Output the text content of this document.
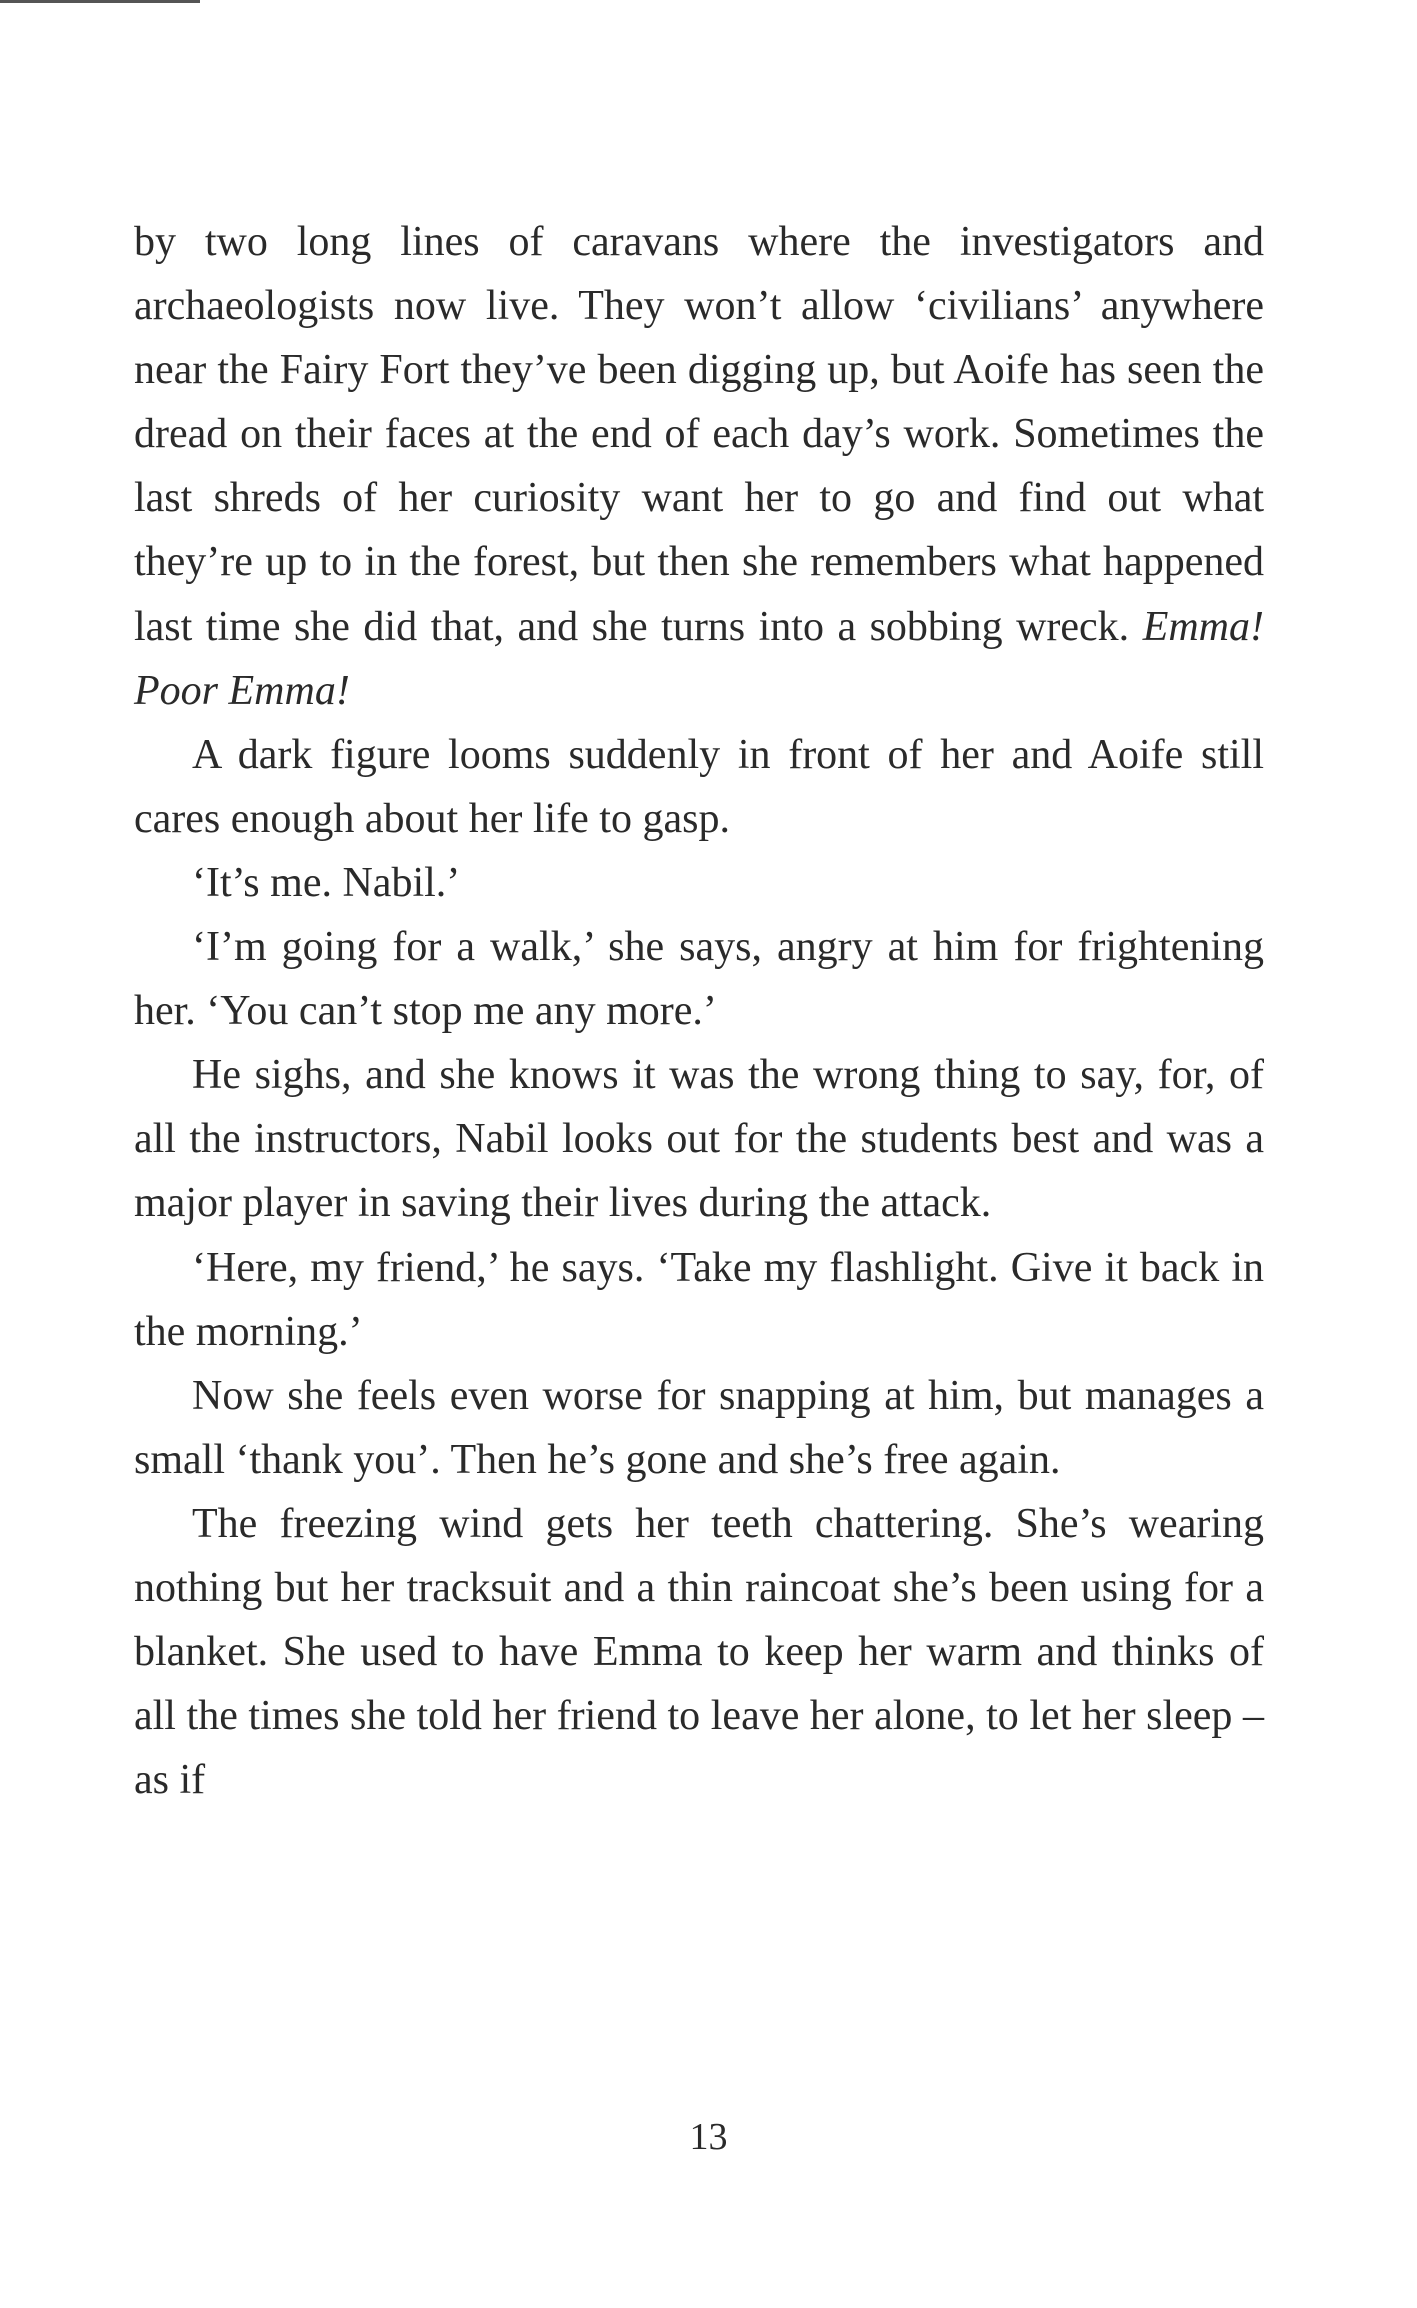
by two long lines of caravans where the investigators and archaeologists now live. They won’t allow ‘civilians’ anywhere near the Fairy Fort they’ve been digging up, but Aoife has seen the dread on their faces at the end of each day’s work. Sometimes the last shreds of her curiosity want her to go and find out what they’re up to in the forest, but then she remembers what happened last time she did that, and she turns into a sobbing wreck. Emma! Poor Emma!

A dark figure looms suddenly in front of her and Aoife still cares enough about her life to gasp.

‘It’s me. Nabil.’

‘I’m going for a walk,’ she says, angry at him for frightening her. ‘You can’t stop me any more.’

He sighs, and she knows it was the wrong thing to say, for, of all the instructors, Nabil looks out for the students best and was a major player in saving their lives during the attack.

‘Here, my friend,’ he says. ‘Take my flashlight. Give it back in the morning.’

Now she feels even worse for snapping at him, but manages a small ‘thank you’. Then he’s gone and she’s free again.

The freezing wind gets her teeth chattering. She’s wearing nothing but her tracksuit and a thin raincoat she’s been using for a blanket. She used to have Emma to keep her warm and thinks of all the times she told her friend to leave her alone, to let her sleep – as if

13
